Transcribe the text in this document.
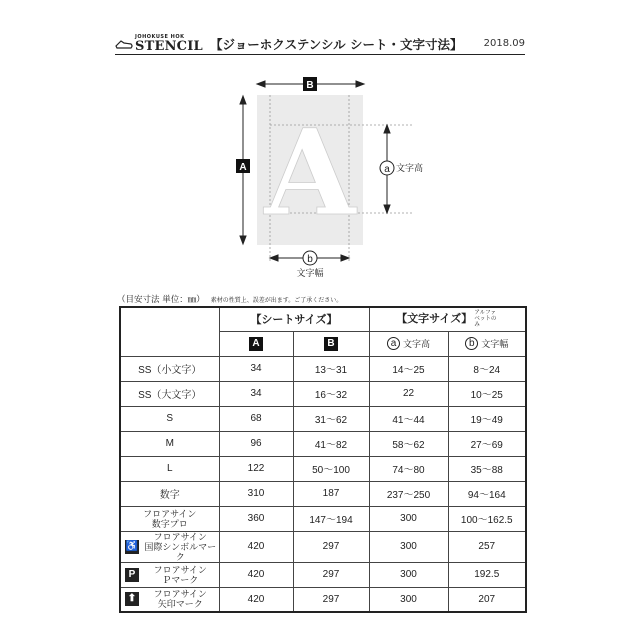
JOHOKUSE HOK
STENCIL 【ジョーホクステンシル シート・文字寸法】 2018.09
A
A
B
a 文字高
b
文字幅
（目安寸法 単位：㎜） 素材の性質上、誤差が出ます。ご了承ください。
	【シートサイズ】		【文字サイズ】 アルファベットのみ	
	A	B	a 文字高	b 文字幅

SS（小文字）	34	13〜31	14〜25	8〜24
SS（大文字）	34	16〜32	22	10〜25
S	68	31〜62	41〜44	19〜49
M	96	41〜82	58〜62	27〜69
L	122	50〜100	74〜80	35〜88
数字	310	187	237〜250	94〜164
フロアサイン
数字プロ	360	147〜194	300	100〜162.5

♿
フロアサイン
国際シンボルマーク	420	297	300	257

P フロアサイン
Ｐマーク	420	297	300	192.5

⬆ フロアサイン
矢印マーク	420	297	300	207
